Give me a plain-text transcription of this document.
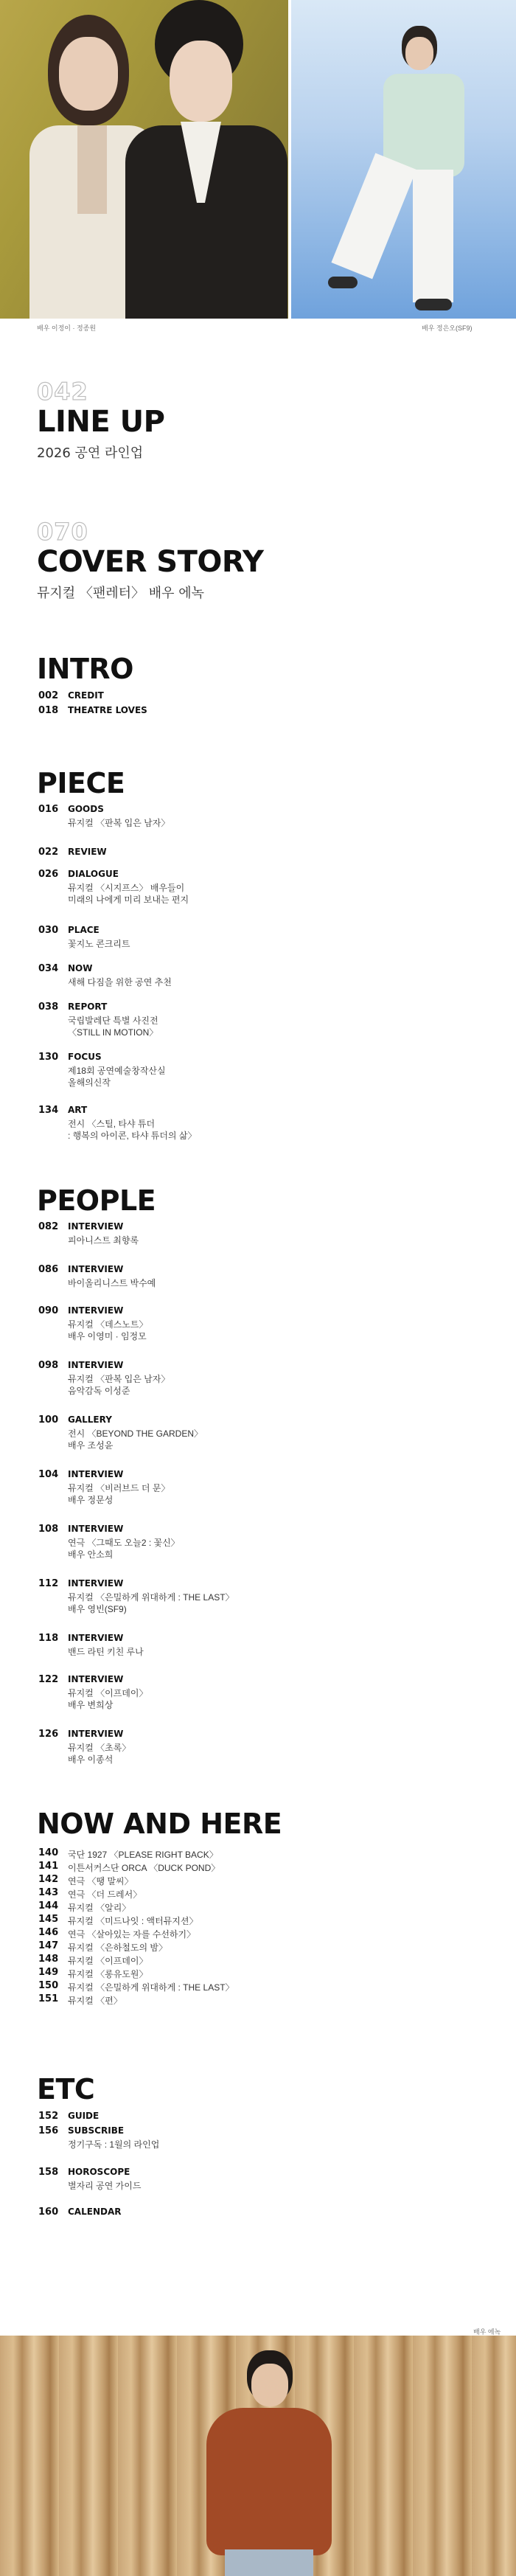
배우 이정이 · 정종원	배우 정은오(SF9)
042
LINE UP
2026 공연 라인업
070
COVER STORY
뮤지컬 〈팬레터〉 배우 에녹
INTRO
002 CREDIT
018 THEATRE LOVES
PIECE
016 GOODS
뮤지컬 〈판복 입은 남자〉
022 REVIEW
026 DIALOGUE
뮤지컬 〈시지프스〉 배우들이
미래의 나에게 미리 보내는 편지
030 PLACE
꽃지노 콘크리트
034 NOW
새해 다짐을 위한 공연 추천
038 REPORT
국립발레단 특별 사진전
〈STILL IN MOTION〉
130 FOCUS
제18회 공연예술창작산실
올해의신작
134 ART
전시 〈스틸, 타샤 튜더
: 행복의 아이콘, 타샤 튜더의 삶〉
PEOPLE
082 INTERVIEW
피아니스트 최향록
086 INTERVIEW
바이올리니스트 박수예
090 INTERVIEW
뮤지컬 〈데스노트〉
배우 이영미 · 임정모
098 INTERVIEW
뮤지컬 〈판복 입은 남자〉
음악감독 이성준
100 GALLERY
전시 〈BEYOND THE GARDEN〉
배우 조성윤
104 INTERVIEW
뮤지컬 〈비러브드 더 문〉
배우 정문성
108 INTERVIEW
연극 〈그때도 오늘2 : 꽃신〉
배우 안소희
112 INTERVIEW
뮤지컬 〈은밀하게 위대하게 : THE LAST〉
배우 영빈(SF9)
118 INTERVIEW
밴드 라틴 키친 루나
122 INTERVIEW
뮤지컬 〈이프데이〉
배우 변희상
126 INTERVIEW
뮤지컬 〈초록〉
배우 이종석
NOW AND HERE
140 국단 1927 〈PLEASE RIGHT BACK〉
141 이튼서커스단 ORCA 〈DUCK POND〉
142 연극 〈땡 말씨〉
143 연극 〈더 드레서〉
144 뮤지컬 〈알리〉
145 뮤지컬 〈미드나잇 : 액터뮤지션〉
146 연극 〈살아있는 자를 수선하기〉
147 뮤지컬 〈은하철도의 밤〉
148 뮤지컬 〈이프데이〉
149 뮤지컬 〈롱유도원〉
150 뮤지컬 〈은밀하게 위대하게 : THE LAST〉
151 뮤지컬 〈편〉
ETC
152 GUIDE
156 SUBSCRIBE
정기구독 : 1월의 라인업
158 HOROSCOPE
별자리 공연 가이드
160 CALENDAR
배우 에녹
